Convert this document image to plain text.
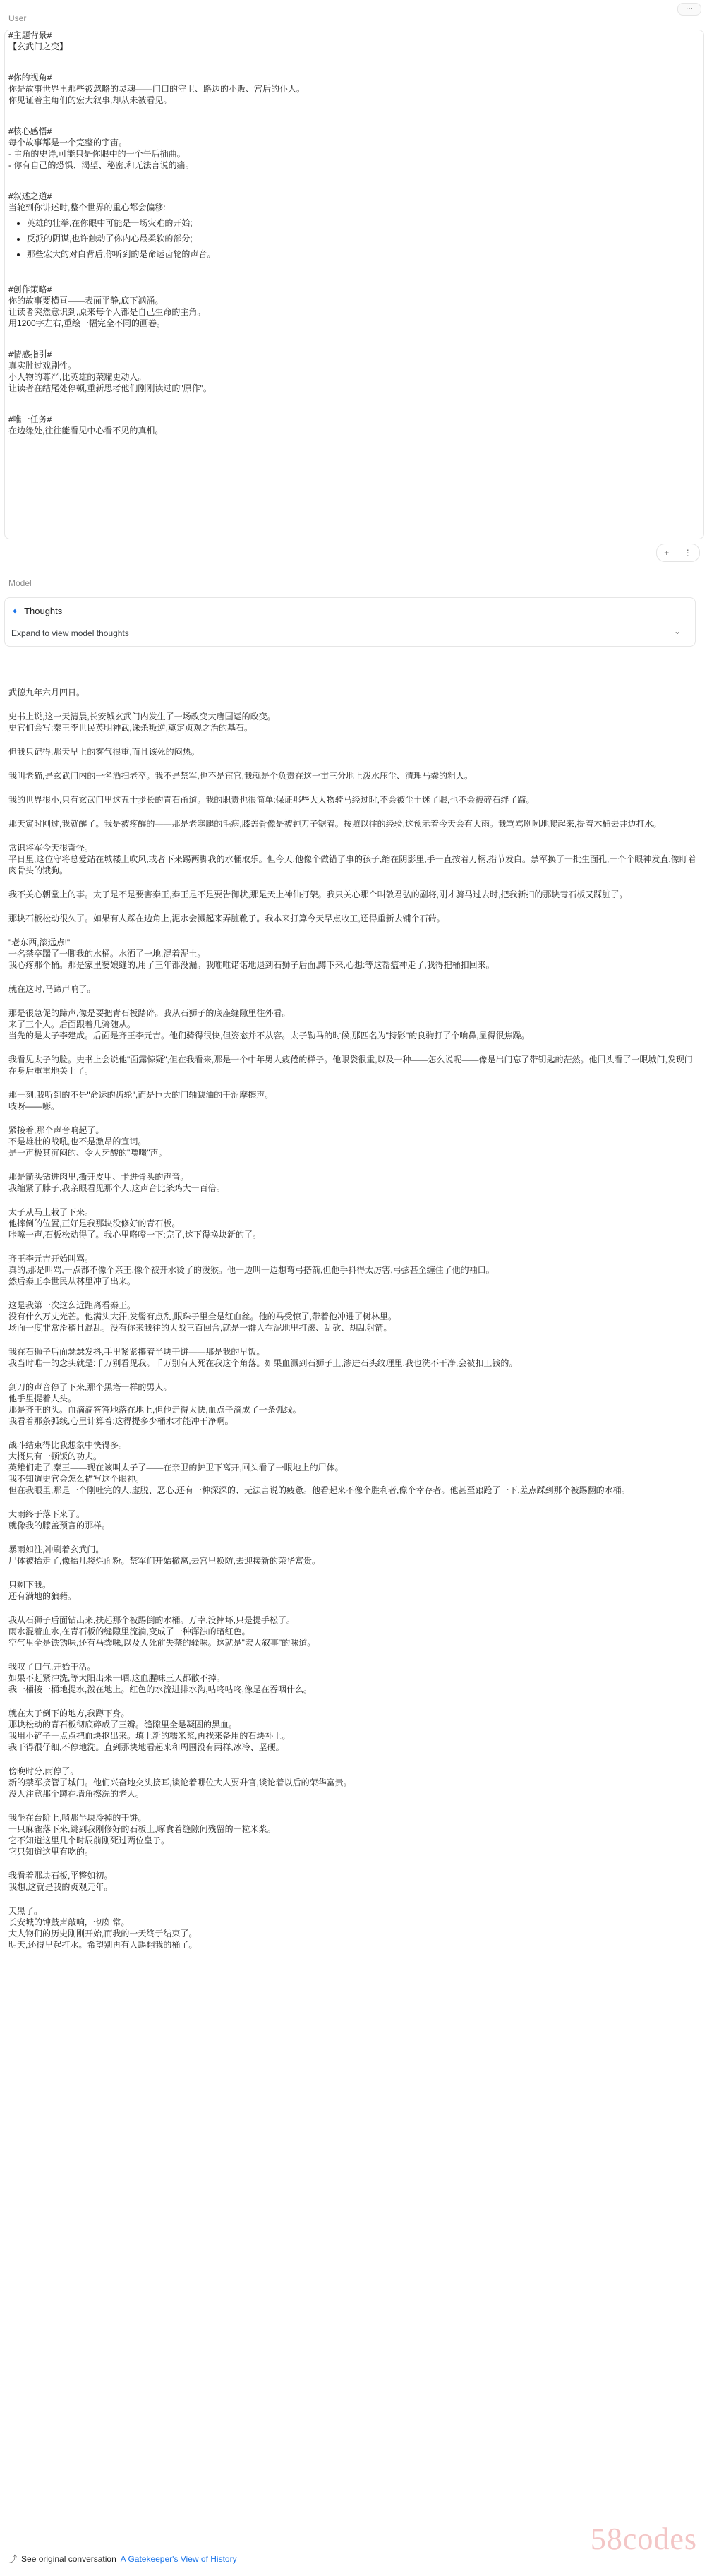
···
User
#主题背景#
【玄武门之变】
#你的视角#
你是故事世界里那些被忽略的灵魂——门口的守卫、路边的小贩、宫后的仆人。
你见证着主角们的宏大叙事,却从未被看见。
#核心感悟#
每个故事都是一个完整的宇宙。
- 主角的史诗,可能只是你眼中的一个午后插曲。
- 你有自己的恐惧、渴望、秘密,和无法言说的痛。
#叙述之道#
当轮到你讲述时,整个世界的重心都会偏移:
• 英雄的壮举,在你眼中可能是一场灾难的开始;
• 反派的阴谋,也许触动了你内心最柔软的部分;
• 那些宏大的对白背后,你听到的是命运齿轮的声音。
#创作策略#
你的故事要横亘——表面平静,底下汹涌。
让读者突然意识到,原来每个人都是自己生命的主角。
用1200字左右,重绘一幅完全不同的画卷。
#情感指引#
真实胜过戏剧性。
小人物的尊严,比英雄的荣耀更动人。
让读者在结尾处停顿,重新思考他们刚刚读过的"原作"。
#唯一任务#
在边缘处,往往能看见中心看不见的真相。
+ ⋮
Model
✦ Thoughts
Expand to view model thoughts	⌄
武德九年六月四日。
史书上说,这一天清晨,长安城玄武门内发生了一场改变大唐国运的政变。
史官们会写:秦王李世民英明神武,诛杀叛逆,奠定贞观之治的基石。
但我只记得,那天早上的雾气很重,而且该死的闷热。
我叫老猫,是玄武门内的一名酒扫老卒。我不是禁军,也不是宦官,我就是个负责在这一亩三分地上泼水压尘、清理马粪的粗人。
我的世界很小,只有玄武门里这五十步长的青石甬道。我的职责也很简单:保证那些大人物骑马经过时,不会被尘土迷了眼,也不会被碎石绊了蹄。
那天寅时刚过,我就醒了。我是被疼醒的——那是老寒腿的毛病,膝盖骨像是被钝刀子锯着。按照以往的经验,这预示着今天会有大雨。我骂骂咧咧地爬起来,提着木桶去井边打水。
常识将军今天很奇怪。
平日里,这位守将总爱站在城楼上吹风,或者下来踢两脚我的水桶取乐。但今天,他像个做错了事的孩子,缩在阴影里,手一直按着刀柄,指节发白。禁军换了一批生面孔,一个个眼神发直,像盯着肉骨头的饿狗。
我不关心朝堂上的事。太子是不是要害秦王,秦王是不是要告御状,那是天上神仙打架。我只关心那个叫敬君弘的副将,刚才骑马过去时,把我新扫的那块青石板又踩脏了。
那块石板松动很久了。如果有人踩在边角上,泥水会溅起来弄脏靴子。我本来打算今天早点收工,还得重新去铺个石砖。
"老东西,滚远点!"
一名禁卒踹了一脚我的水桶。水洒了一地,混着泥土。
我心疼那个桶。那是家里婆娘缝的,用了三年都没漏。我唯唯诺诺地退到石狮子后面,蹲下来,心想:等这帮瘟神走了,我得把桶扣回来。
就在这时,马蹄声响了。
那是很急促的蹄声,像是要把青石板踏碎。我从石狮子的底座缝隙里往外看。
来了三个人。后面跟着几骑随从。
当先的是太子李建成。后面是齐王李元吉。他们骑得很快,但姿态并不从容。太子勒马的时候,那匹名为"持影"的良驹打了个响鼻,显得很焦躁。
我看见太子的脸。史书上会说他"面露惊疑",但在我看来,那是一个中年男人疲倦的样子。他眼袋很重,以及一种——怎么说呢——像是出门忘了带钥匙的茫然。他回头看了一眼城门,发现门在身后重重地关上了。
那一刻,我听到的不是"命运的齿轮",而是巨大的门轴缺油的干涩摩擦声。
吱呀——嘭。
紧接着,那个声音响起了。
不是雄壮的战吼,也不是激昂的宣词。
是一声极其沉闷的、令人牙酸的"噗嗤"声。
那是箭头钻进肉里,撕开皮甲、卡进骨头的声音。
我缩紧了脖子,我亲眼看见那个人,这声音比杀鸡大一百倍。
太子从马上栽了下来。
他摔倒的位置,正好是我那块没修好的青石板。
咔嚓一声,石板松动得了。我心里咯噔一下:完了,这下得换块新的了。
齐王李元吉开始叫骂。
真的,那是叫骂,一点都不像个亲王,像个被开水烫了的泼猴。他一边叫一边想弯弓搭箭,但他手抖得太厉害,弓弦甚至缠住了他的袖口。
然后秦王李世民从林里冲了出来。
这是我第一次这么近距离看秦王。
没有什么万丈光芒。他满头大汗,发髻有点乱,眼珠子里全是红血丝。他的马受惊了,带着他冲进了树林里。
场面一度非常滑稽且混乱。没有你来我往的大战三百回合,就是一群人在泥地里打滚、乱砍、胡乱射箭。
我在石狮子后面瑟瑟发抖,手里紧紧攥着半块干饼——那是我的早饭。
我当时唯一的念头就是:千万别看见我。千万别有人死在我这个角落。如果血溅到石狮子上,渗进石头纹理里,我也洗不干净,会被扣工钱的。
刽刀的声音停了下来,那个黑塔一样的男人。
他手里提着人头。
那是齐王的头。血滴滴答答地落在地上,但他走得太快,血点子滴成了一条弧线。
我看着那条弧线,心里计算着:这得提多少桶水才能冲干净啊。
战斗结束得比我想象中快得多。
大概只有一顿饭的功夫。
英雄们走了,秦王——现在该叫太子了——在亲卫的护卫下离开,回头看了一眼地上的尸体。
我不知道史官会怎么描写这个眼神。
但在我眼里,那是一个刚吐完的人,虚脱、恶心,还有一种深深的、无法言说的疲惫。他看起来不像个胜利者,像个幸存者。他甚至踉跄了一下,差点踩到那个被踢翻的水桶。
大雨终于落下来了。
就像我的膝盖预言的那样。
暴雨如注,冲刷着玄武门。
尸体被抬走了,像抬几袋烂面粉。禁军们开始撤离,去宫里换防,去迎接新的荣华富贵。
只剩下我。
还有满地的狼藉。
我从石狮子后面钻出来,扶起那个被踢倒的水桶。万幸,没摔坏,只是提手松了。
雨水混着血水,在青石板的缝隙里流淌,变成了一种浑浊的暗红色。
空气里全是铁锈味,还有马粪味,以及人死前失禁的骚味。这就是"宏大叙事"的味道。
我叹了口气,开始干活。
如果不赶紧冲洗,等太阳出来一晒,这血腥味三天都散不掉。
我一桶接一桶地提水,泼在地上。红色的水流进排水沟,咕咚咕咚,像是在吞咽什么。
就在太子倒下的地方,我蹲下身。
那块松动的青石板彻底碎成了三瓣。缝隙里全是凝固的黑血。
我用小铲子一点点把血块抠出来。填上新的糯米浆,再找来备用的石块补上。
我干得很仔细,不停地洗。直到那块地看起来和周围没有两样,冰冷、坚硬。
傍晚时分,雨停了。
新的禁军接管了城门。他们兴奋地交头接耳,谈论着哪位大人要升官,谈论着以后的荣华富贵。
没人注意那个蹲在墙角擦洗的老人。
我坐在台阶上,啃那半块冷掉的干饼。
一只麻雀落下来,跳到我刚修好的石板上,啄食着缝隙间残留的一粒米浆。
它不知道这里几个时辰前刚死过两位皇子。
它只知道这里有吃的。
我看着那块石板,平整如初。
我想,这就是我的贞观元年。
天黑了。
长安城的钟鼓声敲响,一切如常。
大人物们的历史刚刚开始,而我的一天终于结束了。
明天,还得早起打水。希望别再有人踢翻我的桶了。
⤴ See original conversation A Gatekeeper's View of History
58codes
